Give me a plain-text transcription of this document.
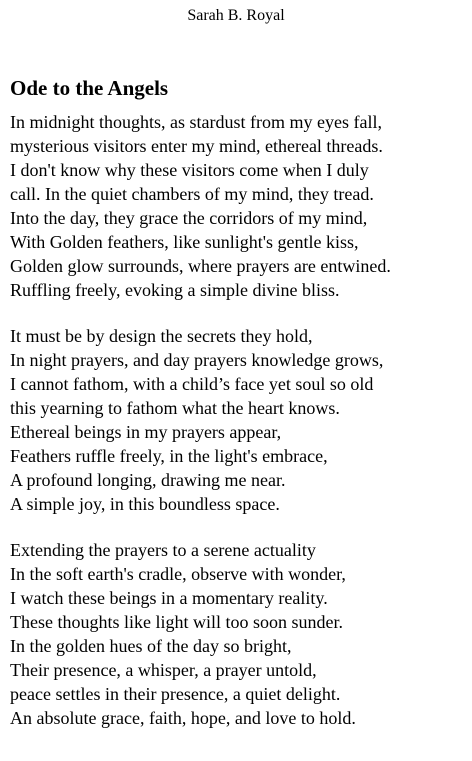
Sarah B. Royal
Ode to the Angels
In midnight thoughts, as stardust from my eyes fall,
mysterious visitors enter my mind, ethereal threads.
I don't know why these visitors come when I duly
call. In the quiet chambers of my mind, they tread.
Into the day, they grace the corridors of my mind,
With Golden feathers, like sunlight's gentle kiss,
Golden glow surrounds, where prayers are entwined.
Ruffling freely, evoking a simple divine bliss.
It must be by design the secrets they hold,
In night prayers, and day prayers knowledge grows,
I cannot fathom, with a child’s face yet soul so old
this yearning to fathom what the heart knows.
Ethereal beings in my prayers appear,
Feathers ruffle freely, in the light's embrace,
A profound longing, drawing me near.
A simple joy, in this boundless space.
Extending the prayers to a serene actuality
In the soft earth's cradle, observe with wonder,
I watch these beings in a momentary reality.
These thoughts like light will too soon sunder.
In the golden hues of the day so bright,
Their presence, a whisper, a prayer untold,
peace settles in their presence, a quiet delight.
An absolute grace, faith, hope, and love to hold.
